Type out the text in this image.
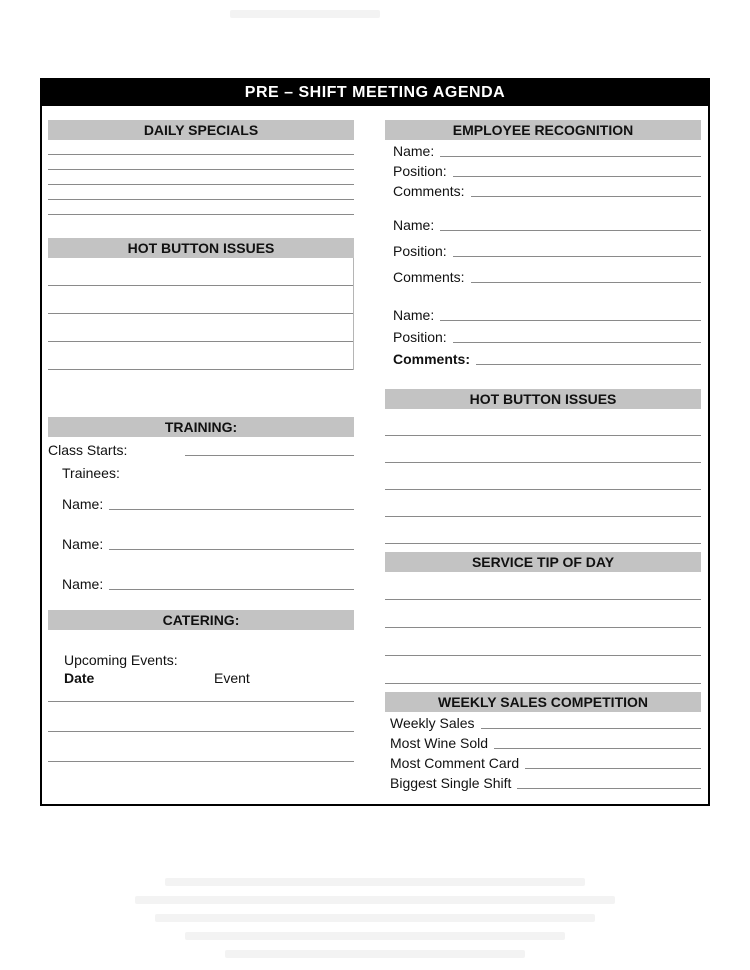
PRE – SHIFT MEETING AGENDA
DAILY SPECIALS
HOT BUTTON ISSUES
TRAINING:
Class Starts:
Trainees:
Name:
Name:
Name:
CATERING:
Upcoming Events:
Date	Event
EMPLOYEE RECOGNITION
Name:
Position:
Comments:
Name:
Position:
Comments:
Name:
Position:
Comments:
HOT BUTTON ISSUES
SERVICE TIP OF DAY
WEEKLY SALES COMPETITION
Weekly Sales
Most Wine Sold
Most Comment Card
Biggest Single Shift
